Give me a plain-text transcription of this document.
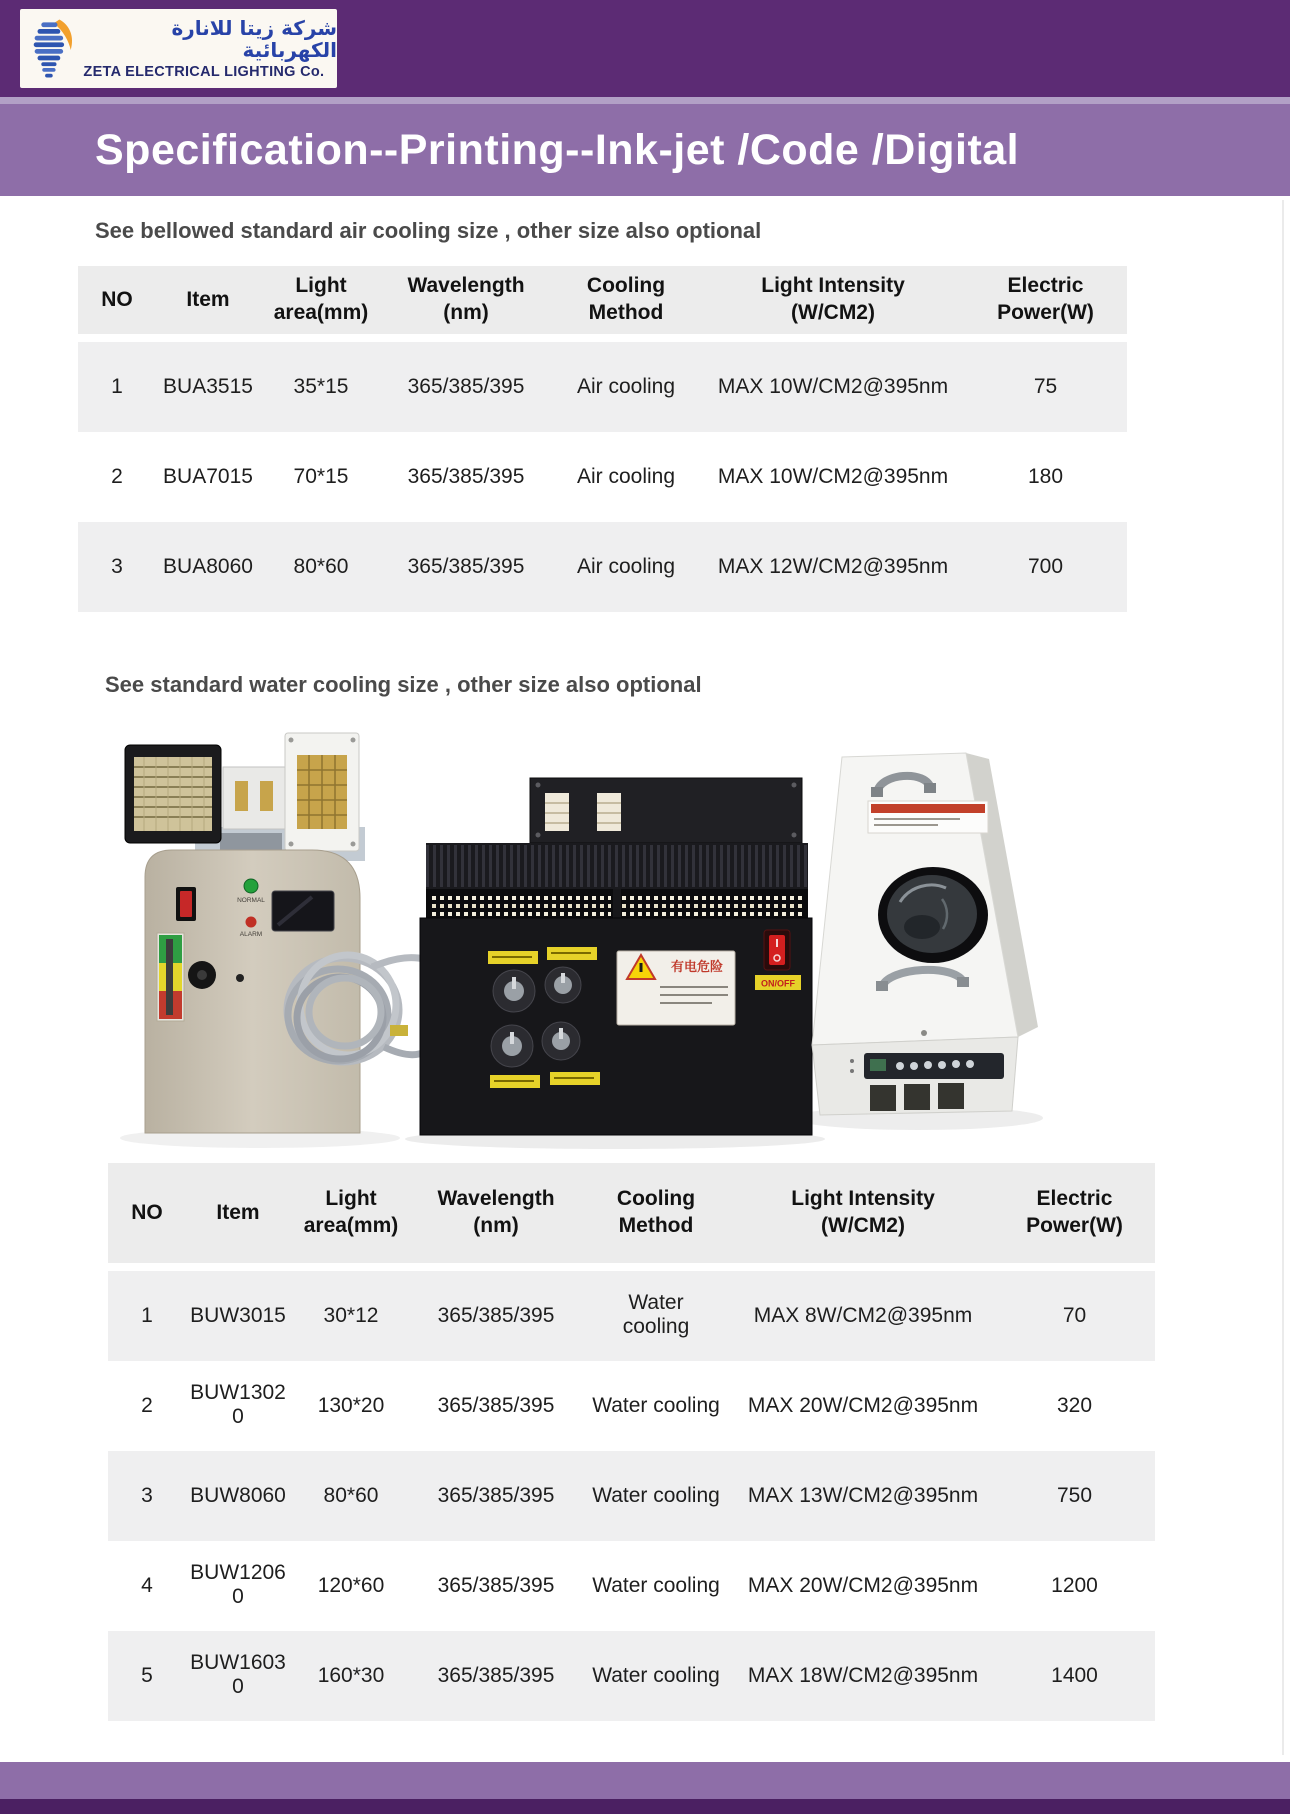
شركة زيتا للانارة الكهربائية
ZETA ELECTRICAL LIGHTING Co.
Specification--Printing--Ink-jet /Code /Digital
See bellowed standard air cooling size , other size also optional
NO	Item	Light area(mm)	Wavelength (nm)	Cooling Method	Light Intensity (W/CM2)	Electric Power(W)
1	BUA3515	35*15	365/385/395	Air cooling	MAX 10W/CM2@395nm	75
2	BUA7015	70*15	365/385/395	Air cooling	MAX 10W/CM2@395nm	180
3	BUA8060	80*60	365/385/395	Air cooling	MAX 12W/CM2@395nm	700
See standard water cooling size , other size also optional
NORMAL
ALARM
有电危险
ON/OFF
NO	Item	Light area(mm)	Wavelength (nm)	Cooling Method	Light Intensity (W/CM2)	Electric Power(W)
1	BUW3015	30*12	365/385/395	Water cooling	MAX 8W/CM2@395nm	70
2	BUW13020	130*20	365/385/395	Water cooling	MAX 20W/CM2@395nm	320
3	BUW8060	80*60	365/385/395	Water cooling	MAX 13W/CM2@395nm	750
4	BUW12060	120*60	365/385/395	Water cooling	MAX 20W/CM2@395nm	1200
5	BUW16030	160*30	365/385/395	Water cooling	MAX 18W/CM2@395nm	1400
